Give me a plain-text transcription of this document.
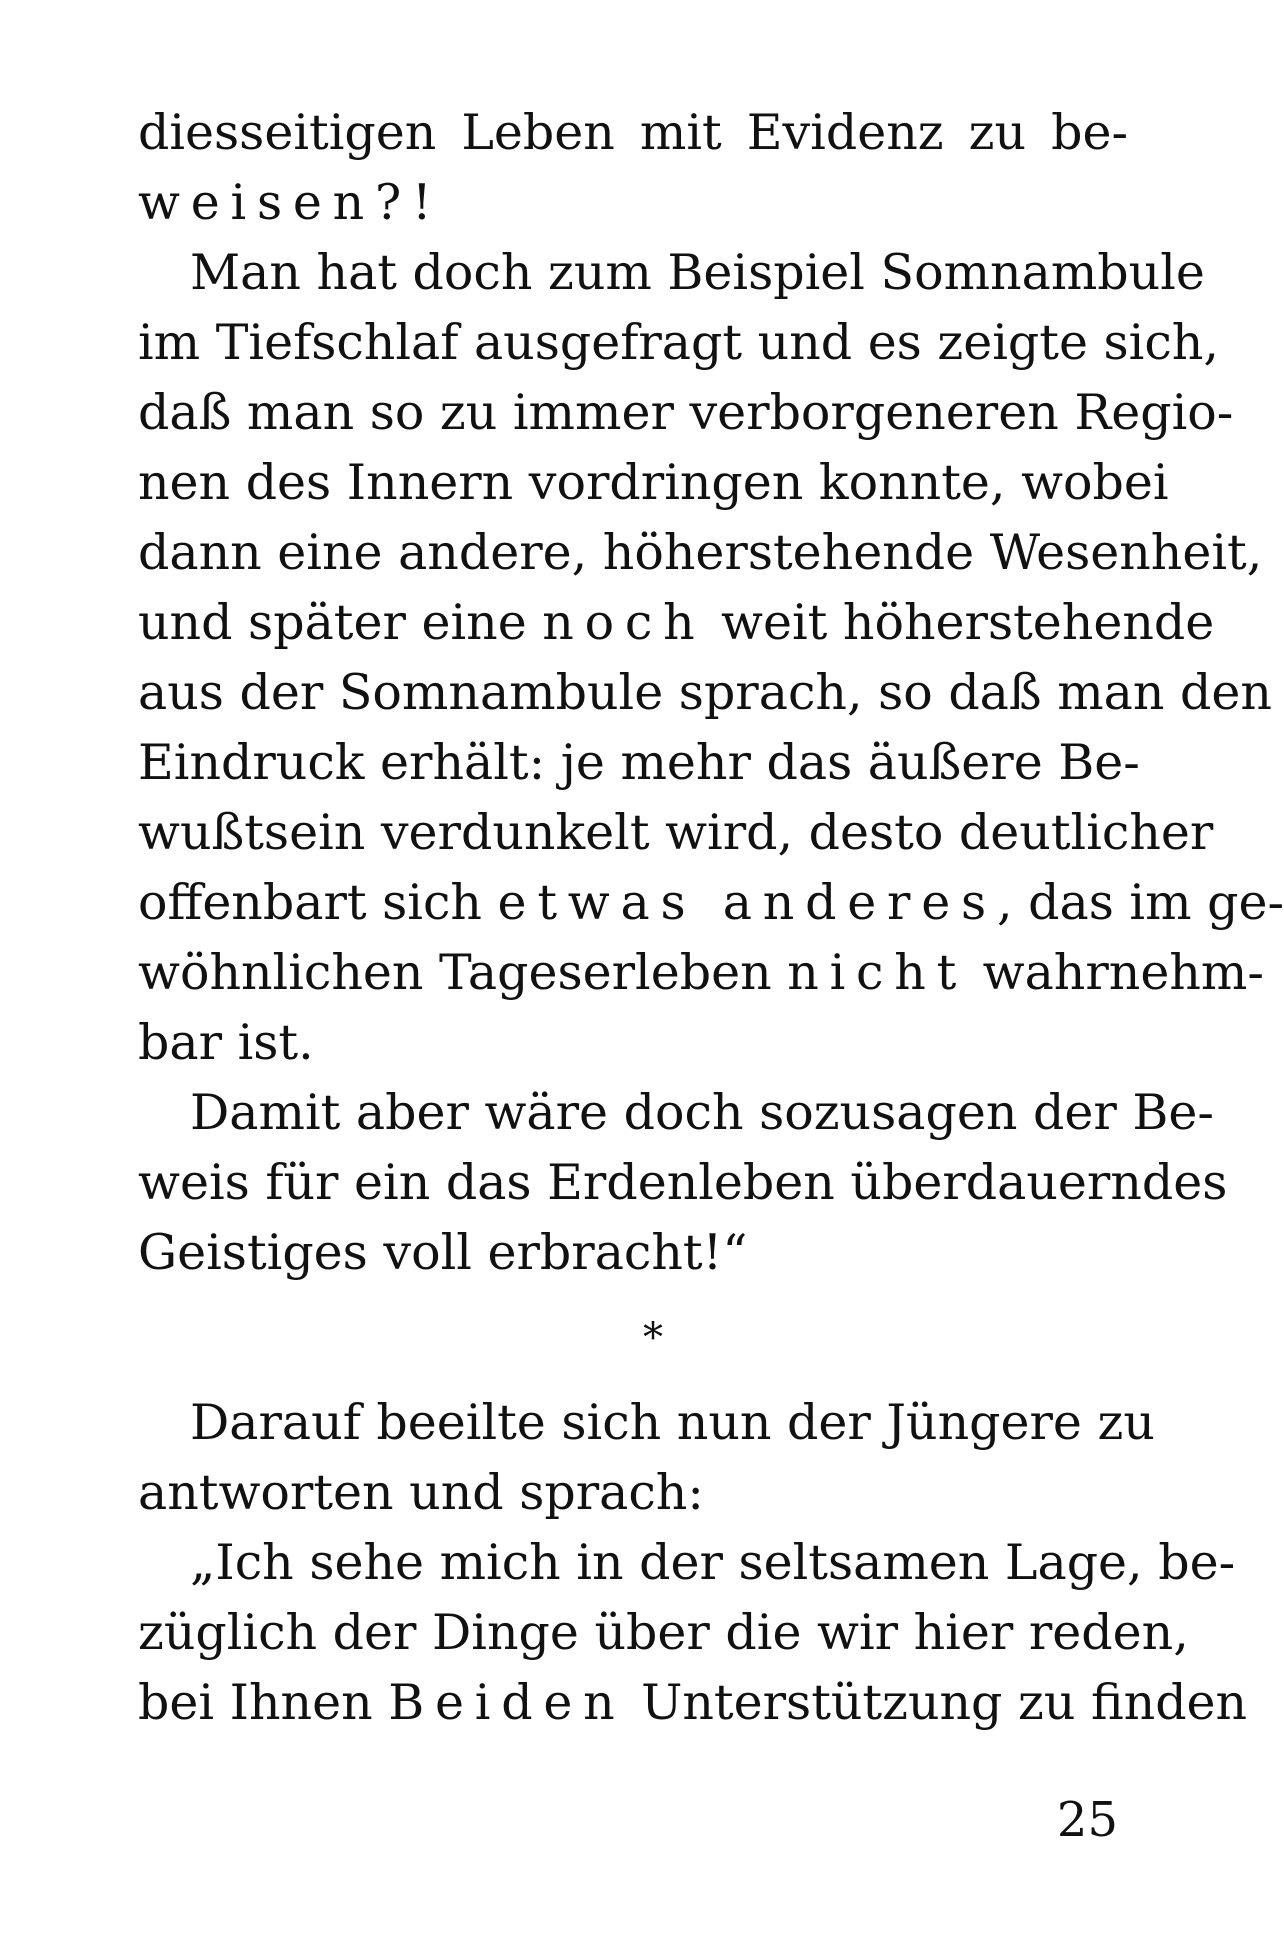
diesseitigen Leben mit Evidenz zu be-
weisen?!
Man hat doch zum Beispiel Somnambule
im Tiefschlaf ausgefragt und es zeigte sich,
daß man so zu immer verborgeneren Regio-
nen des Innern vordringen konnte, wobei
dann eine andere, höherstehende Wesenheit,
und später eine noch weit höherstehende
aus der Somnambule sprach, so daß man den
Eindruck erhält: je mehr das äußere Be-
wußtsein verdunkelt wird, desto deutlicher
offenbart sich etwas anderes, das im ge-
wöhnlichen Tageserleben nicht wahrnehm-
bar ist.
Damit aber wäre doch sozusagen der Be-
weis für ein das Erdenleben überdauerndes
Geistiges voll erbracht!“
*
Darauf beeilte sich nun der Jüngere zu
antworten und sprach:
„Ich sehe mich in der seltsamen Lage, be-
züglich der Dinge über die wir hier reden,
bei Ihnen Beiden Unterstützung zu finden
25
